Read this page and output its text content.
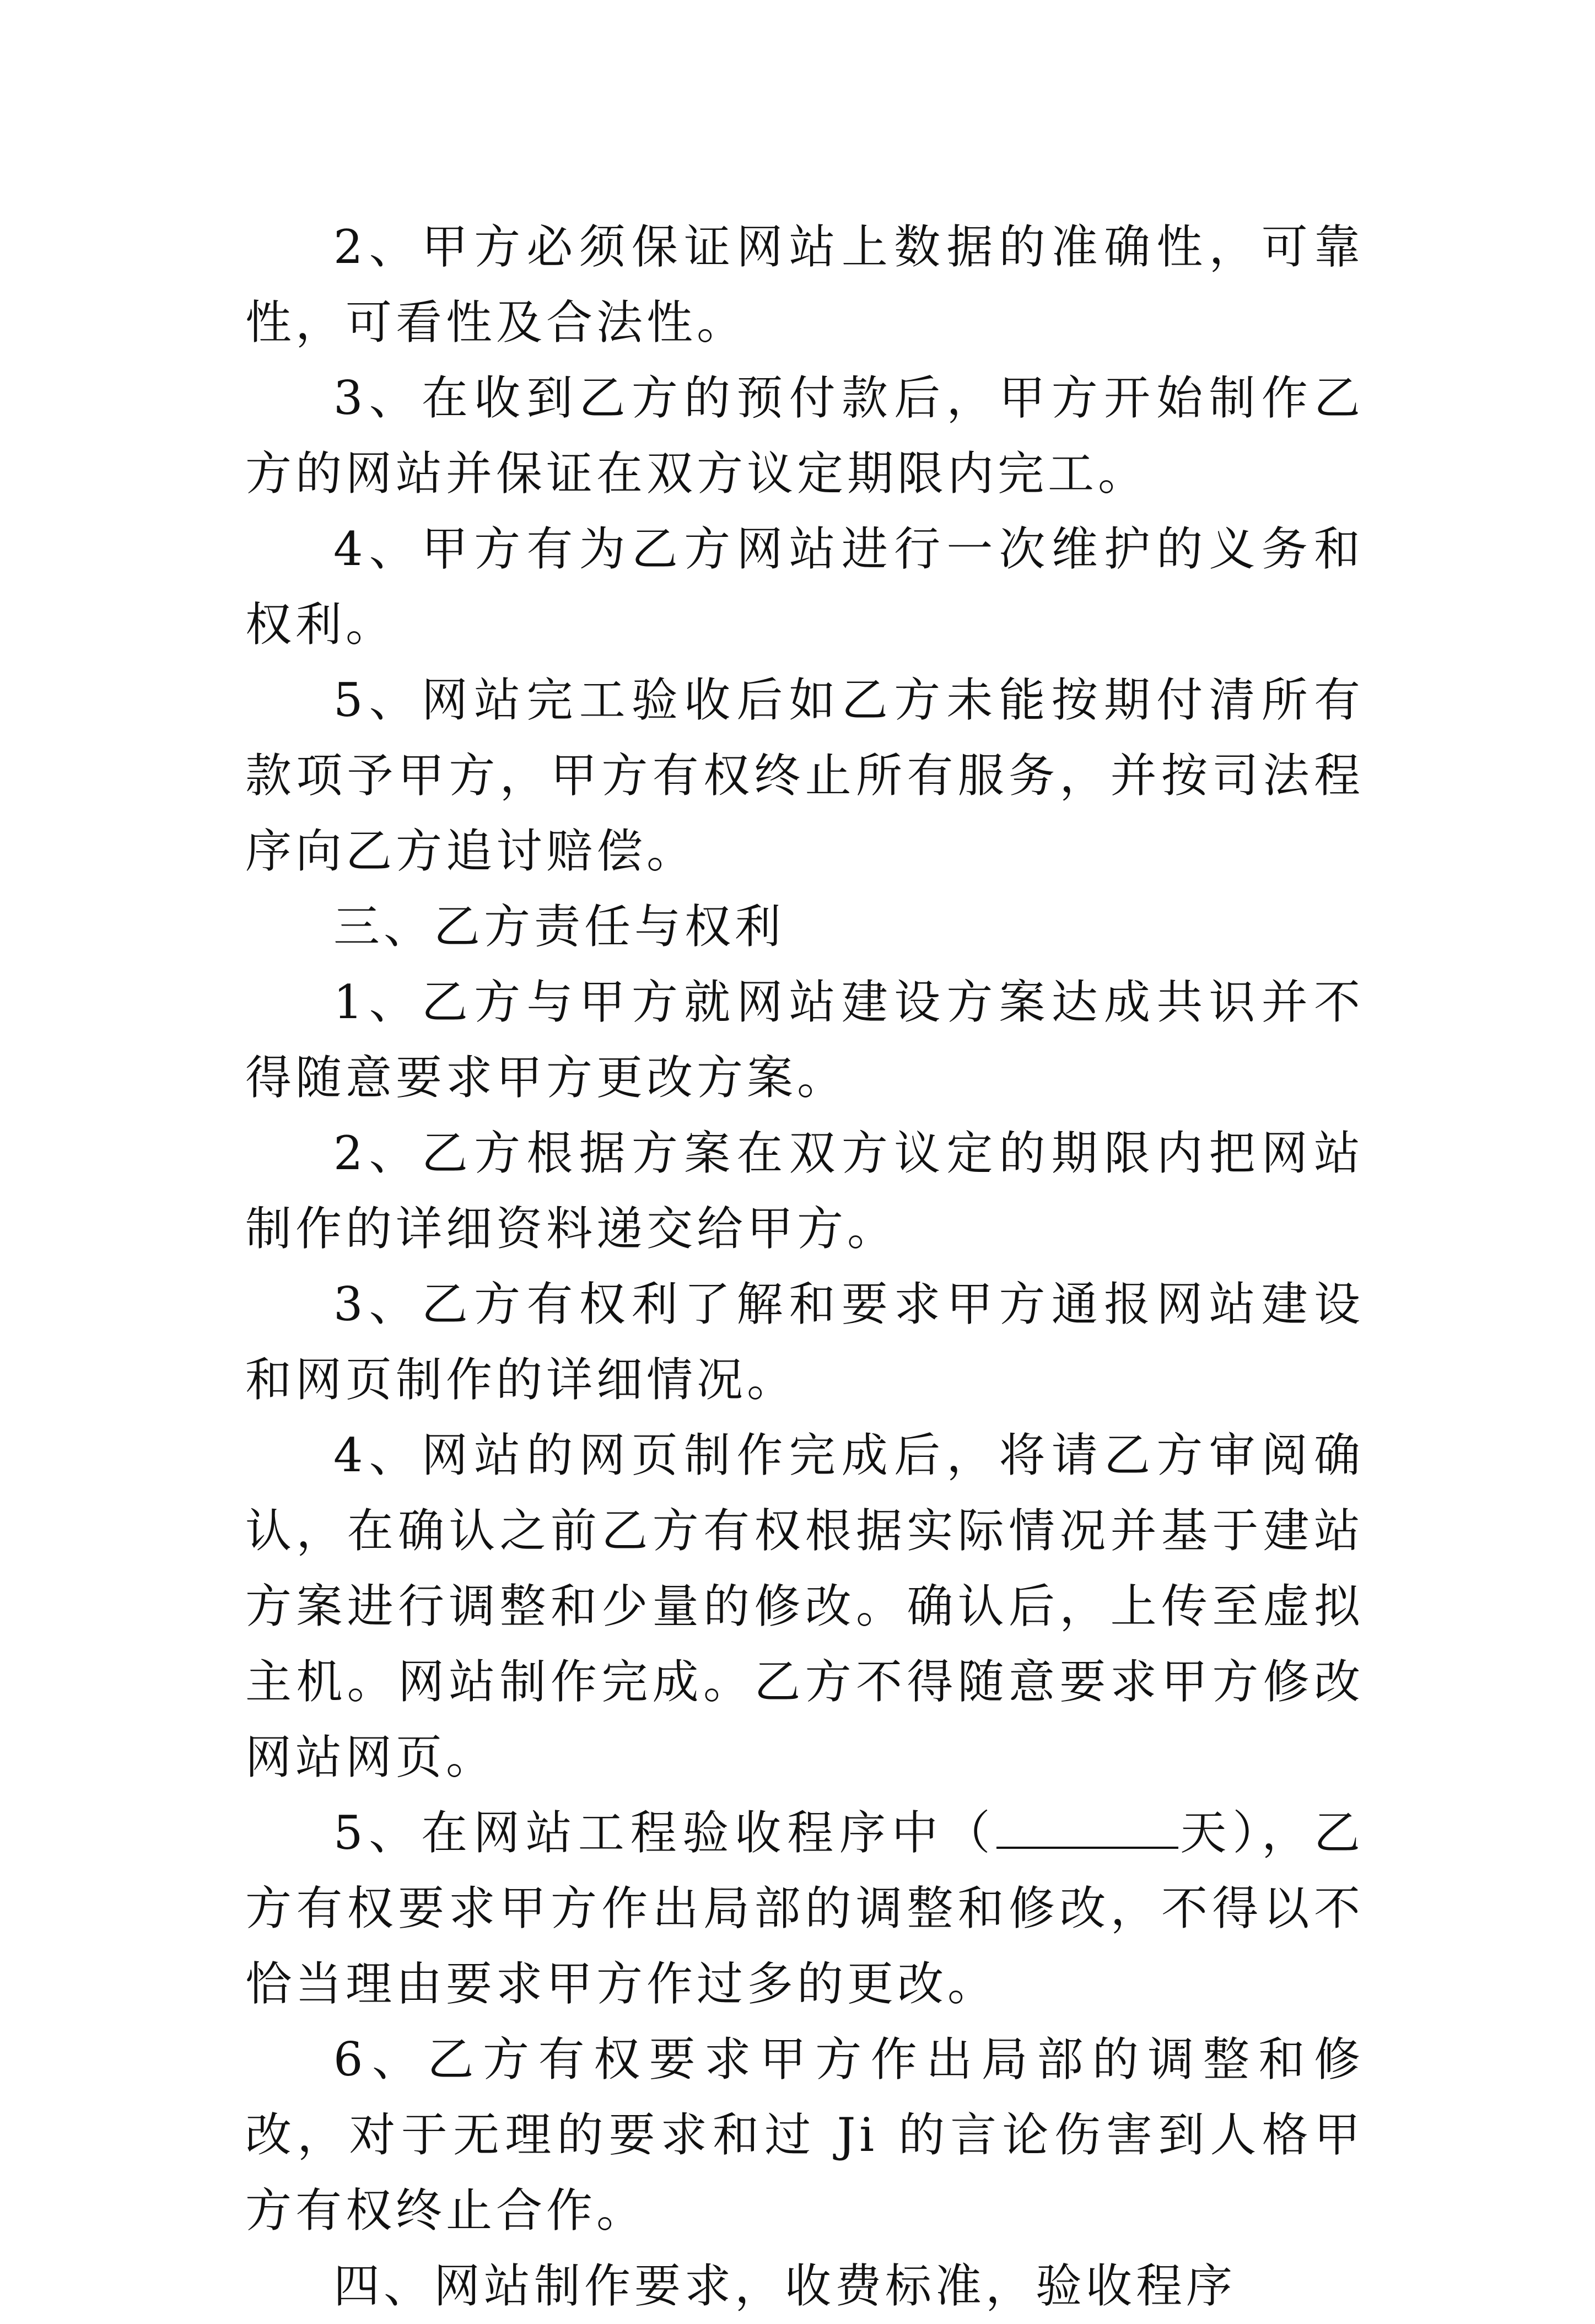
2、甲方必须保证网站上数据的准确性，可靠性，可看性及合法性。

3、在收到乙方的预付款后，甲方开始制作乙方的网站并保证在双方议定期限内完工。

4、甲方有为乙方网站进行一次维护的义务和权利。

5、网站完工验收后如乙方未能按期付清所有款项予甲方，甲方有权终止所有服务，并按司法程序向乙方追讨赔偿。

三、乙方责任与权利

1、乙方与甲方就网站建设方案达成共识并不得随意要求甲方更改方案。

2、乙方根据方案在双方议定的期限内把网站制作的详细资料递交给甲方。

3、乙方有权利了解和要求甲方通报网站建设和网页制作的详细情况。

4、网站的网页制作完成后，将请乙方审阅确认，在确认之前乙方有权根据实际情况并基于建站方案进行调整和少量的修改。确认后，上传至虚拟主机。网站制作完成。乙方不得随意要求甲方修改网站网页。

5、在网站工程验收程序中（	天），乙方有权要求甲方作出局部的调整和修改，不得以不恰当理由要求甲方作过多的更改。

6、乙方有权要求甲方作出局部的调整和修改，对于无理的要求和过 Ji 的言论伤害到人格甲方有权终止合作。

四、网站制作要求，收费标准，验收程序
